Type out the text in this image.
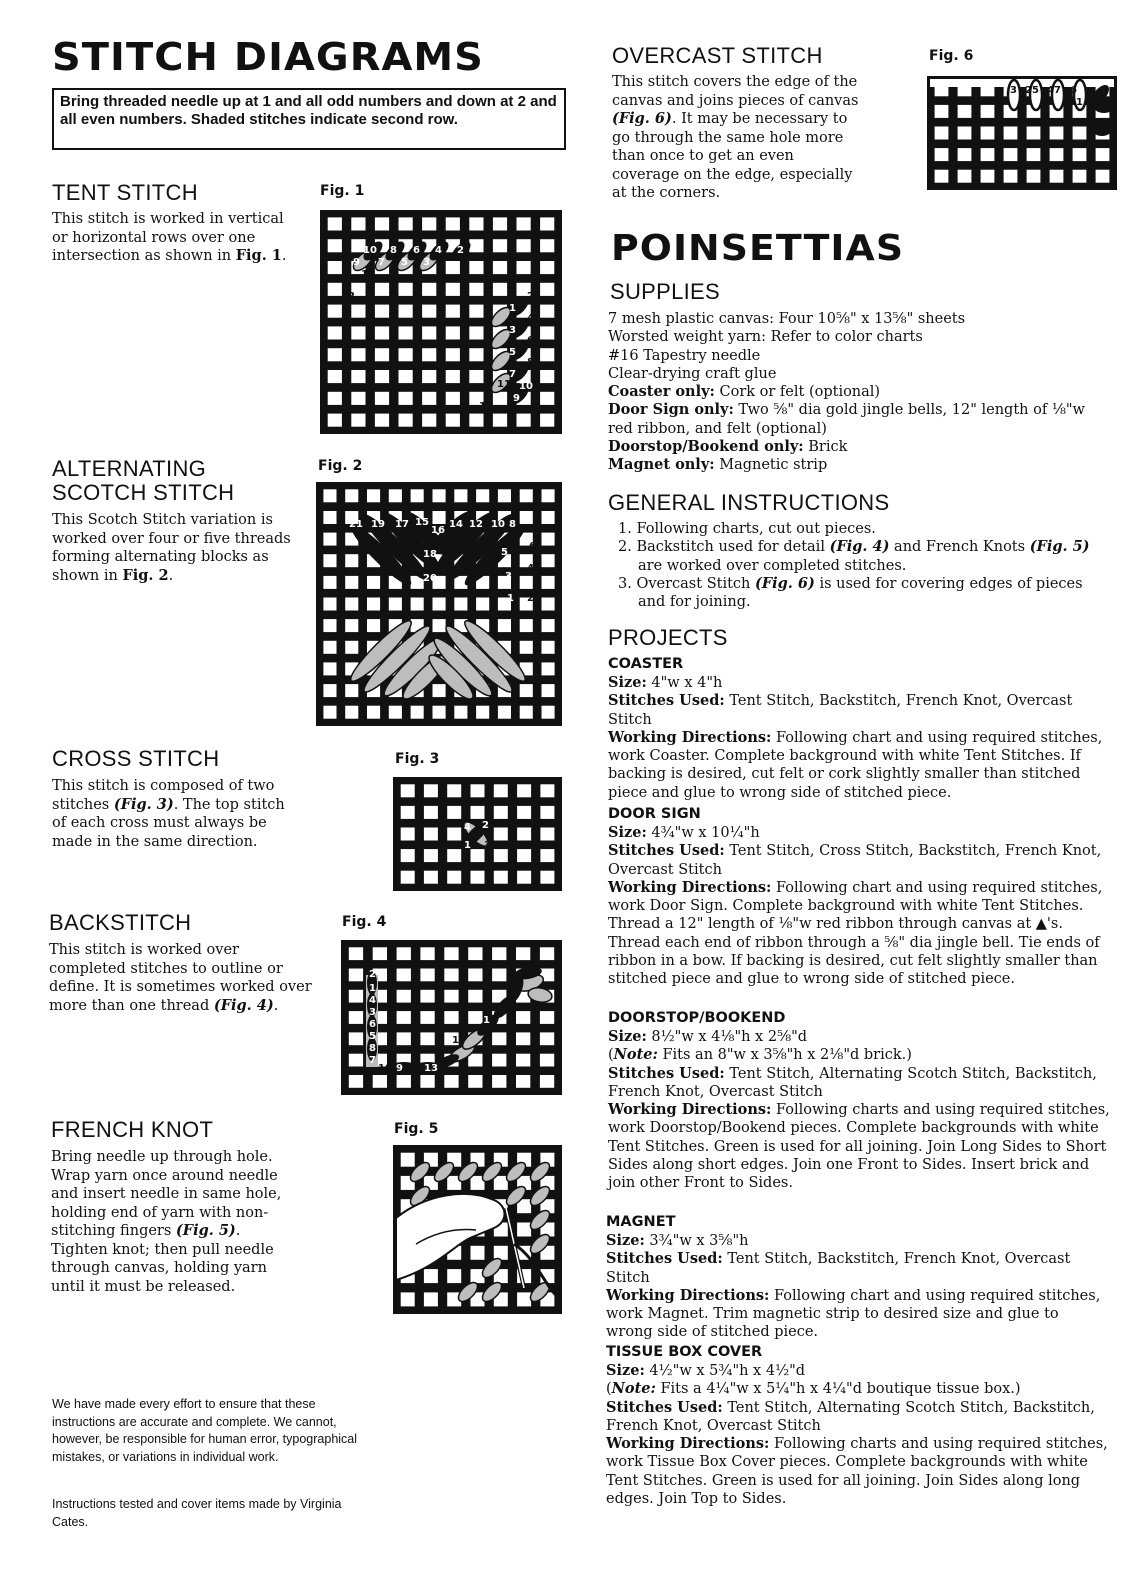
STITCH DIAGRAMS
Bring threaded needle up at 1 and all odd numbers and down at 2 and all even numbers. Shaded stitches indicate second row.
TENT STITCH
This stitch is worked in vertical or horizontal rows over one intersection as shown in Fig. 1.
Fig. 1
10
9
8
7
6
5
4
3
2
11
12	2
1
4
3
6
5
8
7
10
11
9
12
ALTERNATING
SCOTCH STITCH
This Scotch Stitch variation is worked over four or five threads forming alternating blocks as shown in Fig. 2.
Fig. 2
21 19 17 15
16
14 12 10 8
18
20
1 2
3
4
5
6
CROSS STITCH
This stitch is composed of two stitches (Fig. 3). The top stitch of each cross must always be made in the same direction.
Fig. 3
4 2
1 3
BACKSTITCH
This stitch is worked over completed stitches to outline or define. It is sometimes worked over more than one thread (Fig. 4).
Fig. 4
2
1
4
3
6
5
8
7
10 9 11 13
15
17
19
21
FRENCH KNOT
Bring needle up through hole. Wrap yarn once around needle and insert needle in same hole, holding end of yarn with non-stitching fingers (Fig. 5). Tighten knot; then pull needle through canvas, holding yarn until it must be released.
Fig. 5
We have made every effort to ensure that these instructions are accurate and complete. We cannot, however, be responsible for human error, typographical mistakes, or variations in individual work.
Instructions tested and cover items made by Virginia Cates.
OVERCAST STITCH
This stitch covers the edge of the canvas and joins pieces of canvas (Fig. 6). It may be necessary to go through the same hole more than once to get an even coverage on the edge, especially at the corners.
Fig. 6
3 2 5 4 7 6
1
POINSETTIAS
SUPPLIES
7 mesh plastic canvas: Four 10⅝" x 13⅝" sheets
Worsted weight yarn: Refer to color charts
#16 Tapestry needle
Clear-drying craft glue
Coaster only: Cork or felt (optional)
Door Sign only: Two ⅝" dia gold jingle bells, 12" length of ⅛"w red ribbon, and felt (optional)
Doorstop/Bookend only: Brick
Magnet only: Magnetic strip
GENERAL INSTRUCTIONS
1. Following charts, cut out pieces.
2. Backstitch used for detail (Fig. 4) and French Knots (Fig. 5) are worked over completed stitches.
3. Overcast Stitch (Fig. 6) is used for covering edges of pieces and for joining.
PROJECTS
COASTER
Size: 4"w x 4"h
Stitches Used: Tent Stitch, Backstitch, French Knot, Overcast Stitch
Working Directions: Following chart and using required stitches, work Coaster. Complete background with white Tent Stitches. If backing is desired, cut felt or cork slightly smaller than stitched piece and glue to wrong side of stitched piece.
DOOR SIGN
Size: 4¾"w x 10¼"h
Stitches Used: Tent Stitch, Cross Stitch, Backstitch, French Knot, Overcast Stitch
Working Directions: Following chart and using required stitches, work Door Sign. Complete background with white Tent Stitches. Thread a 12" length of ⅛"w red ribbon through canvas at ▲'s. Thread each end of ribbon through a ⅝" dia jingle bell. Tie ends of ribbon in a bow. If backing is desired, cut felt slightly smaller than stitched piece and glue to wrong side of stitched piece.
DOORSTOP/BOOKEND
Size: 8½"w x 4⅛"h x 2⅝"d
(Note: Fits an 8"w x 3⅝"h x 2⅛"d brick.)
Stitches Used: Tent Stitch, Alternating Scotch Stitch, Backstitch, French Knot, Overcast Stitch
Working Directions: Following charts and using required stitches, work Doorstop/Bookend pieces. Complete backgrounds with white Tent Stitches. Green is used for all joining. Join Long Sides to Short Sides along short edges. Join one Front to Sides. Insert brick and join other Front to Sides.
MAGNET
Size: 3¾"w x 3⅝"h
Stitches Used: Tent Stitch, Backstitch, French Knot, Overcast Stitch
Working Directions: Following chart and using required stitches, work Magnet. Trim magnetic strip to desired size and glue to wrong side of stitched piece.
TISSUE BOX COVER
Size: 4½"w x 5¾"h x 4½"d
(Note: Fits a 4¼"w x 5¼"h x 4¼"d boutique tissue box.)
Stitches Used: Tent Stitch, Alternating Scotch Stitch, Backstitch, French Knot, Overcast Stitch
Working Directions: Following charts and using required stitches, work Tissue Box Cover pieces. Complete backgrounds with white Tent Stitches. Green is used for all joining. Join Sides along long edges. Join Top to Sides.
